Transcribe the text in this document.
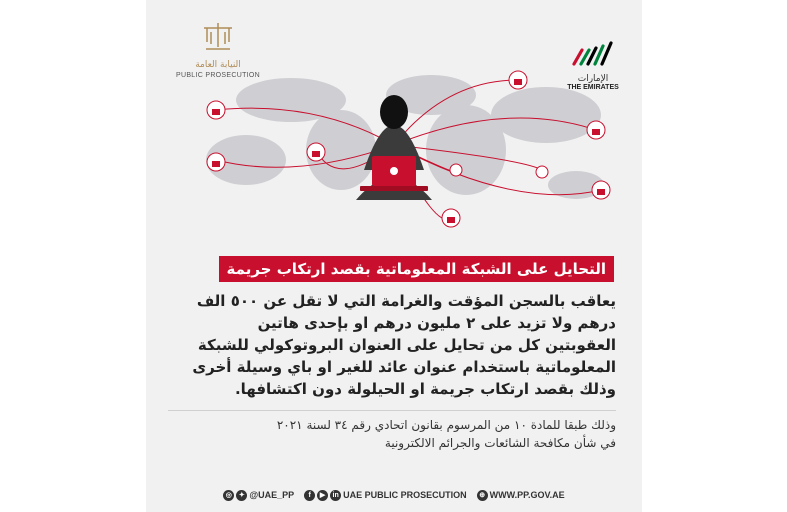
النيابة العامة
PUBLIC PROSECUTION	الإمارات
THE EMIRATES
التحايل على الشبكة المعلوماتية بقصد ارتكاب جريمة

يعاقب بالسجن المؤقت والغرامة التي لا تقل عن ٥٠٠ الف

درهم ولا تزيد على ٢ مليون درهم او بإحدى هاتين

العقوبتين كل من تحايل على العنوان البروتوكولي للشبكة

المعلوماتية باستخدام عنوان عائد للغير او باي وسيلة أخرى

وذلك بقصد ارتكاب جريمة او الحيلولة دون اكتشافها.

وذلك طبقا للمادة ١٠ من المرسوم بقانون اتحادي رقم ٣٤ لسنة ٢٠٢١

في شأن مكافحة الشائعات والجرائم الالكترونية

◎	✦ @UAE_PP	f	▶	in UAE PUBLIC PROSECUTION	⊕ WWW.PP.GOV.AE
